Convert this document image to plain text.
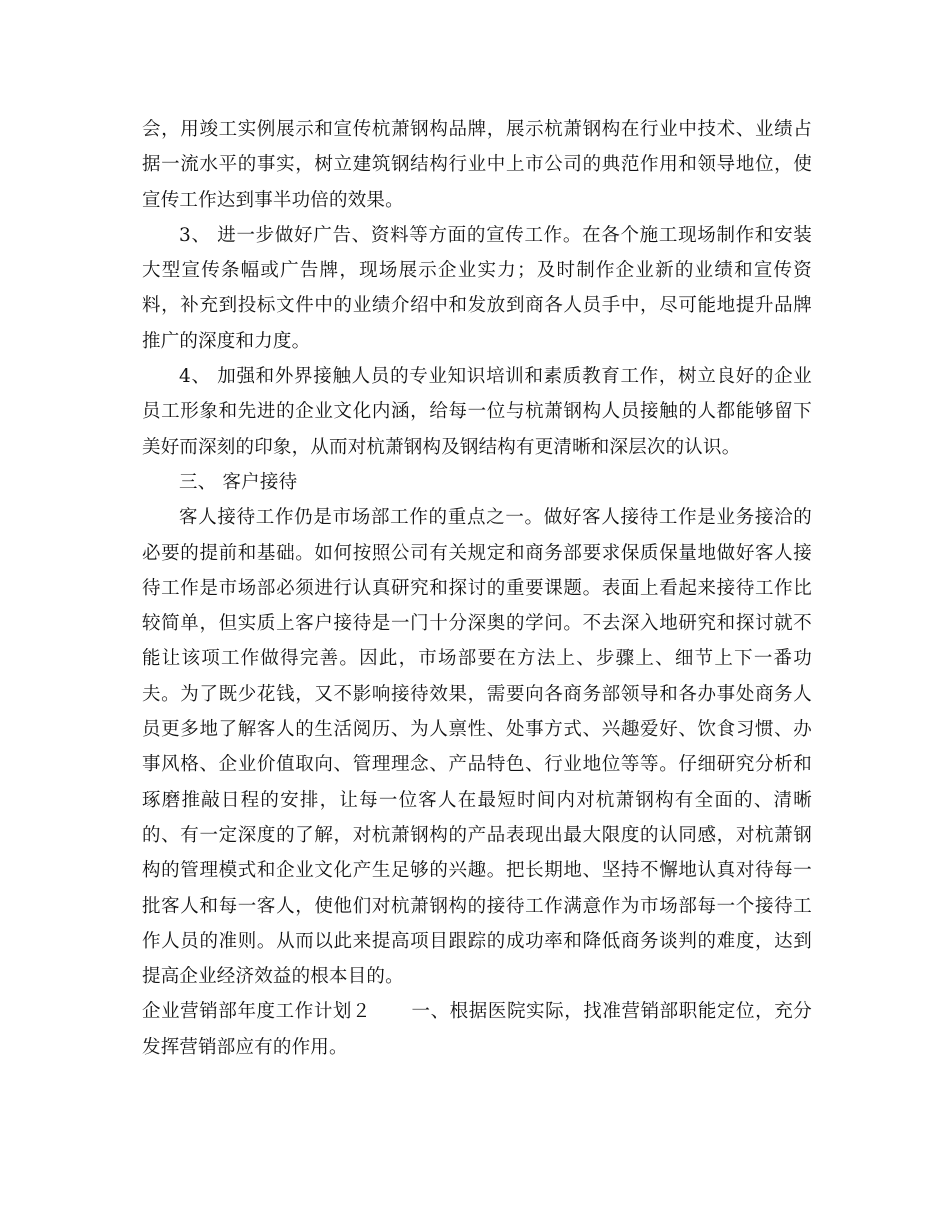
会，用竣工实例展示和宣传杭萧钢构品牌，展示杭萧钢构在行业中技术、业绩占据一流水平的事实，树立建筑钢结构行业中上市公司的典范作用和领导地位，使宣传工作达到事半功倍的效果。

3、 进一步做好广告、资料等方面的宣传工作。在各个施工现场制作和安装大型宣传条幅或广告牌，现场展示企业实力；及时制作企业新的业绩和宣传资料，补充到投标文件中的业绩介绍中和发放到商各人员手中，尽可能地提升品牌推广的深度和力度。

4、 加强和外界接触人员的专业知识培训和素质教育工作，树立良好的企业员工形象和先进的企业文化内涵，给每一位与杭萧钢构人员接触的人都能够留下美好而深刻的印象，从而对杭萧钢构及钢结构有更清晰和深层次的认识。

三、 客户接待

客人接待工作仍是市场部工作的重点之一。做好客人接待工作是业务接洽的必要的提前和基础。如何按照公司有关规定和商务部要求保质保量地做好客人接待工作是市场部必须进行认真研究和探讨的重要课题。表面上看起来接待工作比较简单，但实质上客户接待是一门十分深奥的学问。不去深入地研究和探讨就不能让该项工作做得完善。因此，市场部要在方法上、步骤上、细节上下一番功夫。为了既少花钱，又不影响接待效果，需要向各商务部领导和各办事处商务人员更多地了解客人的生活阅历、为人禀性、处事方式、兴趣爱好、饮食习惯、办事风格、企业价值取向、管理理念、产品特色、行业地位等等。仔细研究分析和琢磨推敲日程的安排，让每一位客人在最短时间内对杭萧钢构有全面的、清晰的、有一定深度的了解，对杭萧钢构的产品表现出最大限度的认同感，对杭萧钢构的管理模式和企业文化产生足够的兴趣。把长期地、坚持不懈地认真对待每一批客人和每一客人，使他们对杭萧钢构的接待工作满意作为市场部每一个接待工作人员的准则。从而以此来提高项目跟踪的成功率和降低商务谈判的难度，达到提高企业经济效益的根本目的。

企业营销部年度工作计划２ 一、根据医院实际，找准营销部职能定位，充分发挥营销部应有的作用。
